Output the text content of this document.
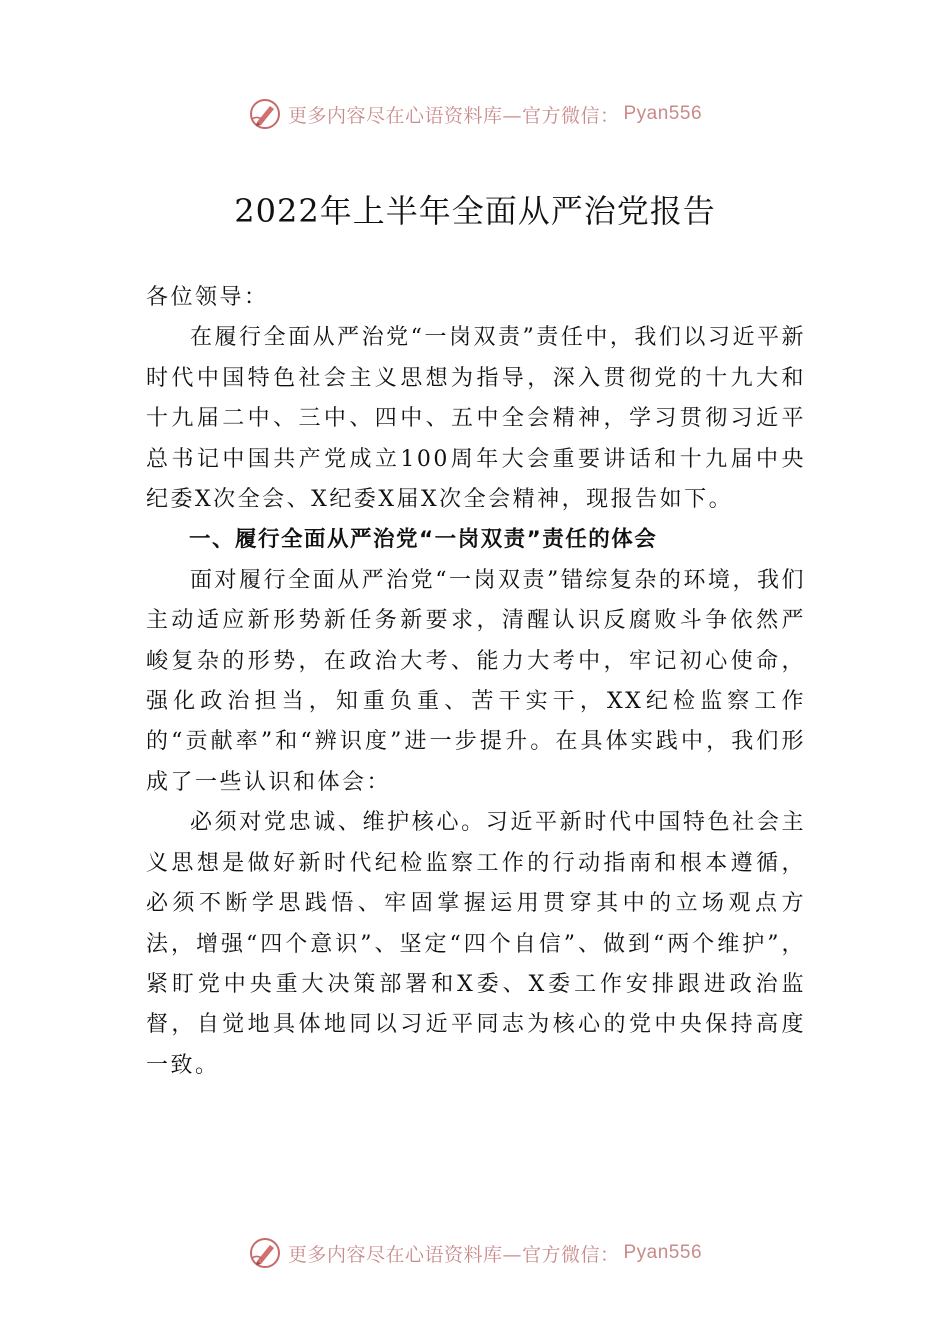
更多内容尽在心语资料库—官方微信： Pyan556
2022年上半年全面从严治党报告

各位领导：

在履行全面从严治党“一岗双责”责任中，我们以习近平新时代中国特色社会主义思想为指导，深入贯彻党的十九大和十九届二中、三中、四中、五中全会精神，学习贯彻习近平总书记中国共产党成立100周年大会重要讲话和十九届中央纪委X次全会、X纪委X届X次全会精神，现报告如下。

一、履行全面从严治党“一岗双责”责任的体会

面对履行全面从严治党“一岗双责”错综复杂的环境，我们主动适应新形势新任务新要求，清醒认识反腐败斗争依然严峻复杂的形势，在政治大考、能力大考中，牢记初心使命，强化政治担当，知重负重、苦干实干，XX纪检监察工作的“贡献率”和“辨识度”进一步提升。在具体实践中，我们形成了一些认识和体会：

必须对党忠诚、维护核心。习近平新时代中国特色社会主义思想是做好新时代纪检监察工作的行动指南和根本遵循，必须不断学思践悟、牢固掌握运用贯穿其中的立场观点方法，增强“四个意识”、坚定“四个自信”、做到“两个维护”，紧盯党中央重大决策部署和X委、X委工作安排跟进政治监督，自觉地具体地同以习近平同志为核心的党中央保持高度一致。

更多内容尽在心语资料库—官方微信： Pyan556
